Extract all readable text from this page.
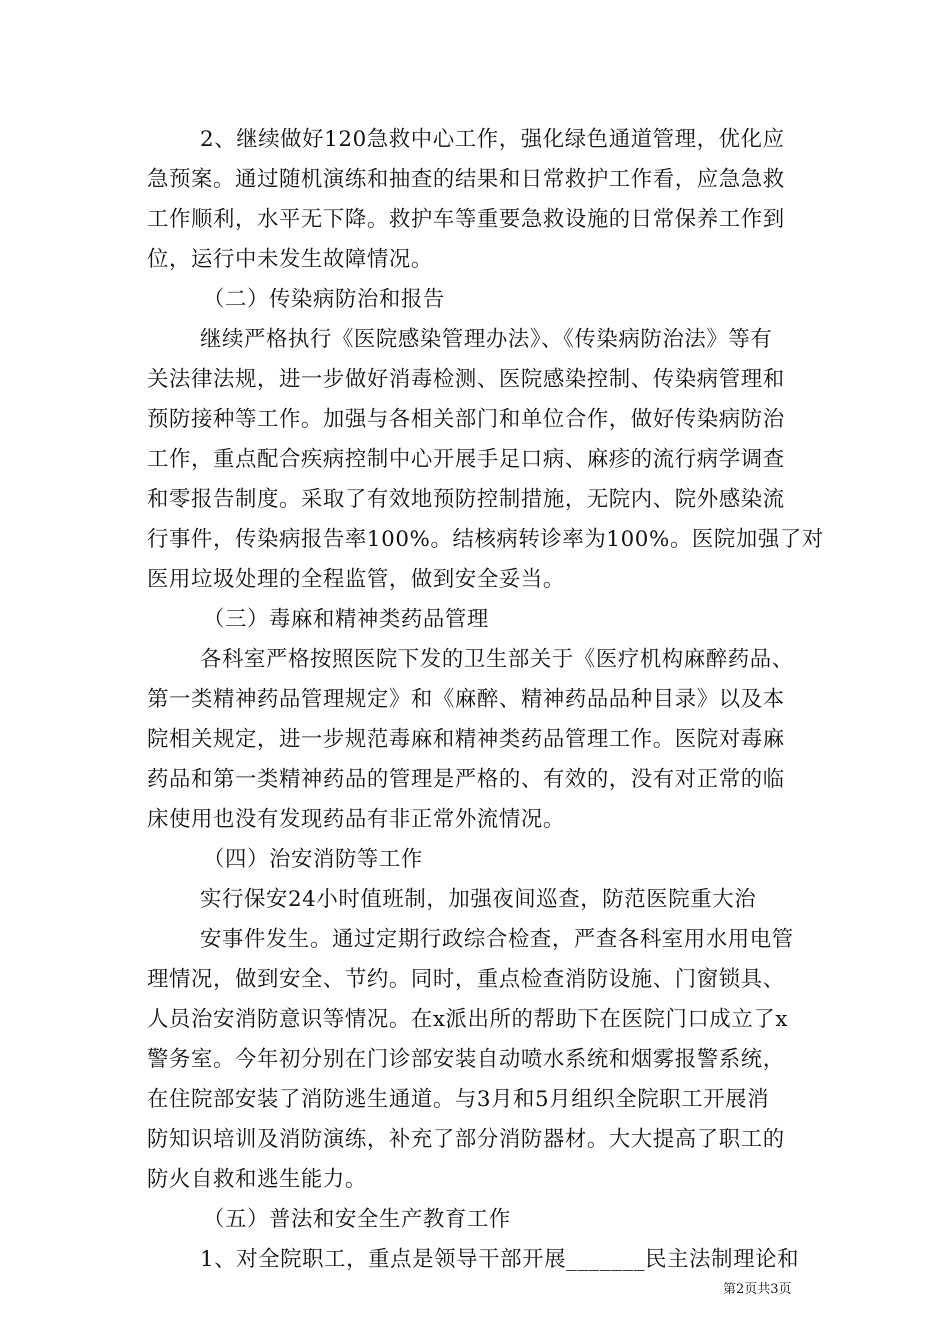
2、继续做好120急救中心工作，强化绿色通道管理，优化应
急预案。通过随机演练和抽查的结果和日常救护工作看，应急急救
工作顺利，水平无下降。救护车等重要急救设施的日常保养工作到
位，运行中未发生故障情况。
（二）传染病防治和报告
继续严格执行《医院感染管理办法》、《传染病防治法》等有
关法律法规，进一步做好消毒检测、医院感染控制、传染病管理和
预防接种等工作。加强与各相关部门和单位合作，做好传染病防治
工作，重点配合疾病控制中心开展手足口病、麻疹的流行病学调查
和零报告制度。采取了有效地预防控制措施，无院内、院外感染流
行事件，传染病报告率100%。结核病转诊率为100%。医院加强了对
医用垃圾处理的全程监管，做到安全妥当。
（三）毒麻和精神类药品管理
各科室严格按照医院下发的卫生部关于《医疗机构麻醉药品、
第一类精神药品管理规定》和《麻醉、精神药品品种目录》以及本
院相关规定，进一步规范毒麻和精神类药品管理工作。医院对毒麻
药品和第一类精神药品的管理是严格的、有效的，没有对正常的临
床使用也没有发现药品有非正常外流情况。
（四）治安消防等工作
实行保安24小时值班制，加强夜间巡查，防范医院重大治
安事件发生。通过定期行政综合检查，严查各科室用水用电管
理情况，做到安全、节约。同时，重点检查消防设施、门窗锁具、
人员治安消防意识等情况。在x派出所的帮助下在医院门口成立了x
警务室。今年初分别在门诊部安装自动喷水系统和烟雾报警系统，
在住院部安装了消防逃生通道。与3月和5月组织全院职工开展消
防知识培训及消防演练，补充了部分消防器材。大大提高了职工的
防火自救和逃生能力。
（五）普法和安全生产教育工作
1、对全院职工，重点是领导干部开展_______民主法制理论和
第2页共3页
